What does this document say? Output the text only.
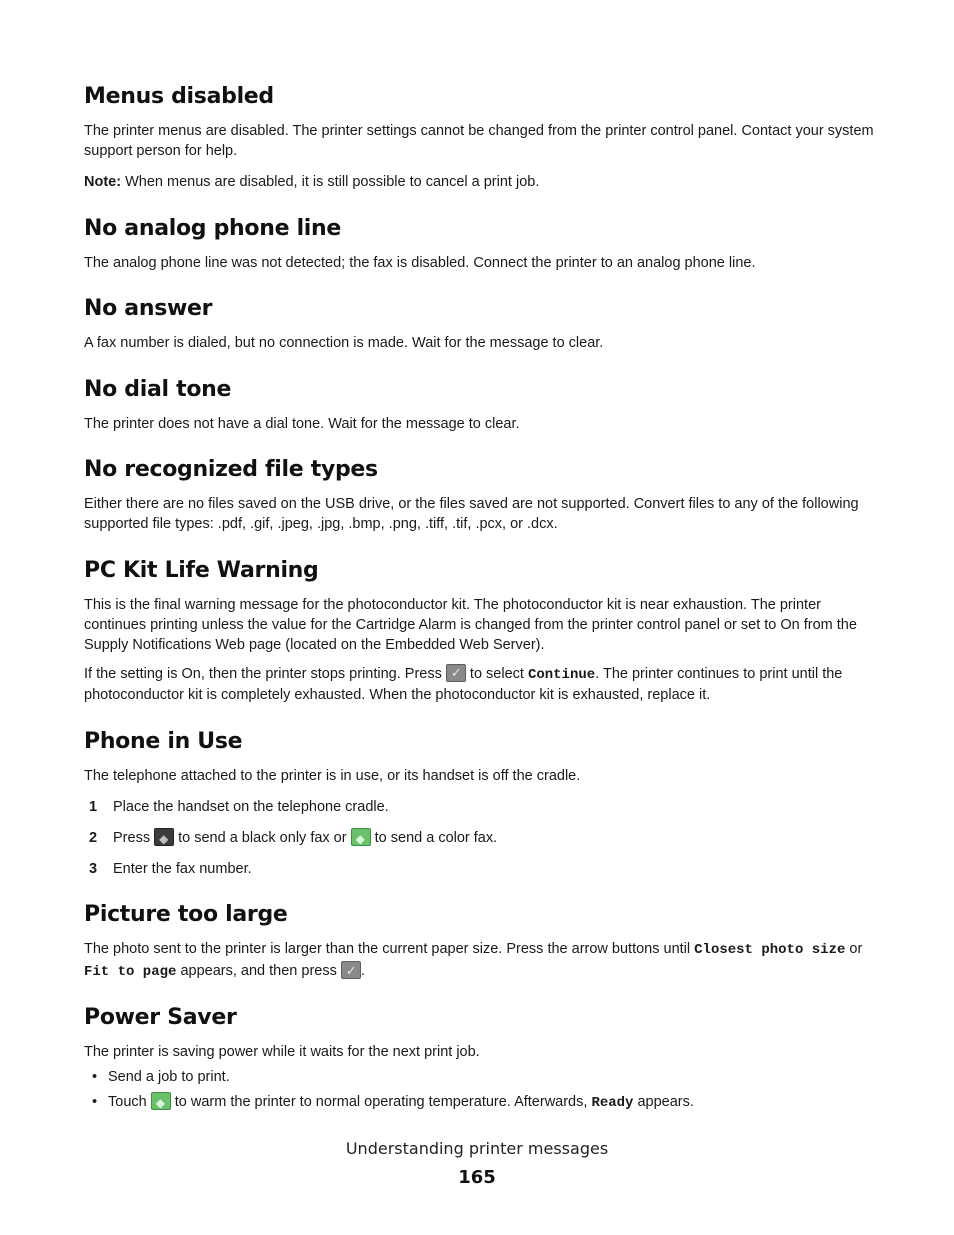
Menus disabled

The printer menus are disabled. The printer settings cannot be changed from the printer control panel. Contact your system support person for help.

Note: When menus are disabled, it is still possible to cancel a print job.

No analog phone line

The analog phone line was not detected; the fax is disabled. Connect the printer to an analog phone line.

No answer

A fax number is dialed, but no connection is made. Wait for the message to clear.

No dial tone

The printer does not have a dial tone. Wait for the message to clear.

No recognized file types

Either there are no files saved on the USB drive, or the files saved are not supported. Convert files to any of the following supported file types: .pdf, .gif, .jpeg, .jpg, .bmp, .png, .tiff, .tif, .pcx, or .dcx.

PC Kit Life Warning

This is the final warning message for the photoconductor kit. The photoconductor kit is near exhaustion. The printer continues printing unless the value for the Cartridge Alarm is changed from the printer control panel or set to On from the Supply Notifications Web page (located on the Embedded Web Server).

If the setting is On, then the printer stops printing. Press ✓ to select Continue. The printer continues to print until the photoconductor kit is completely exhausted. When the photoconductor kit is exhausted, replace it.

Phone in Use

The telephone attached to the printer is in use, or its handset is off the cradle.

1 Place the handset on the telephone cradle.
2 Press ◆ to send a black only fax or ◆ to send a color fax.
3 Enter the fax number.
Picture too large

The photo sent to the printer is larger than the current paper size. Press the arrow buttons until Closest photo size or Fit to page appears, and then press ✓.

Power Saver

The printer is saving power while it waits for the next print job.

• Send a job to print.
• Touch ◆ to warm the printer to normal operating temperature. Afterwards, Ready appears.
Understanding printer messages
165
